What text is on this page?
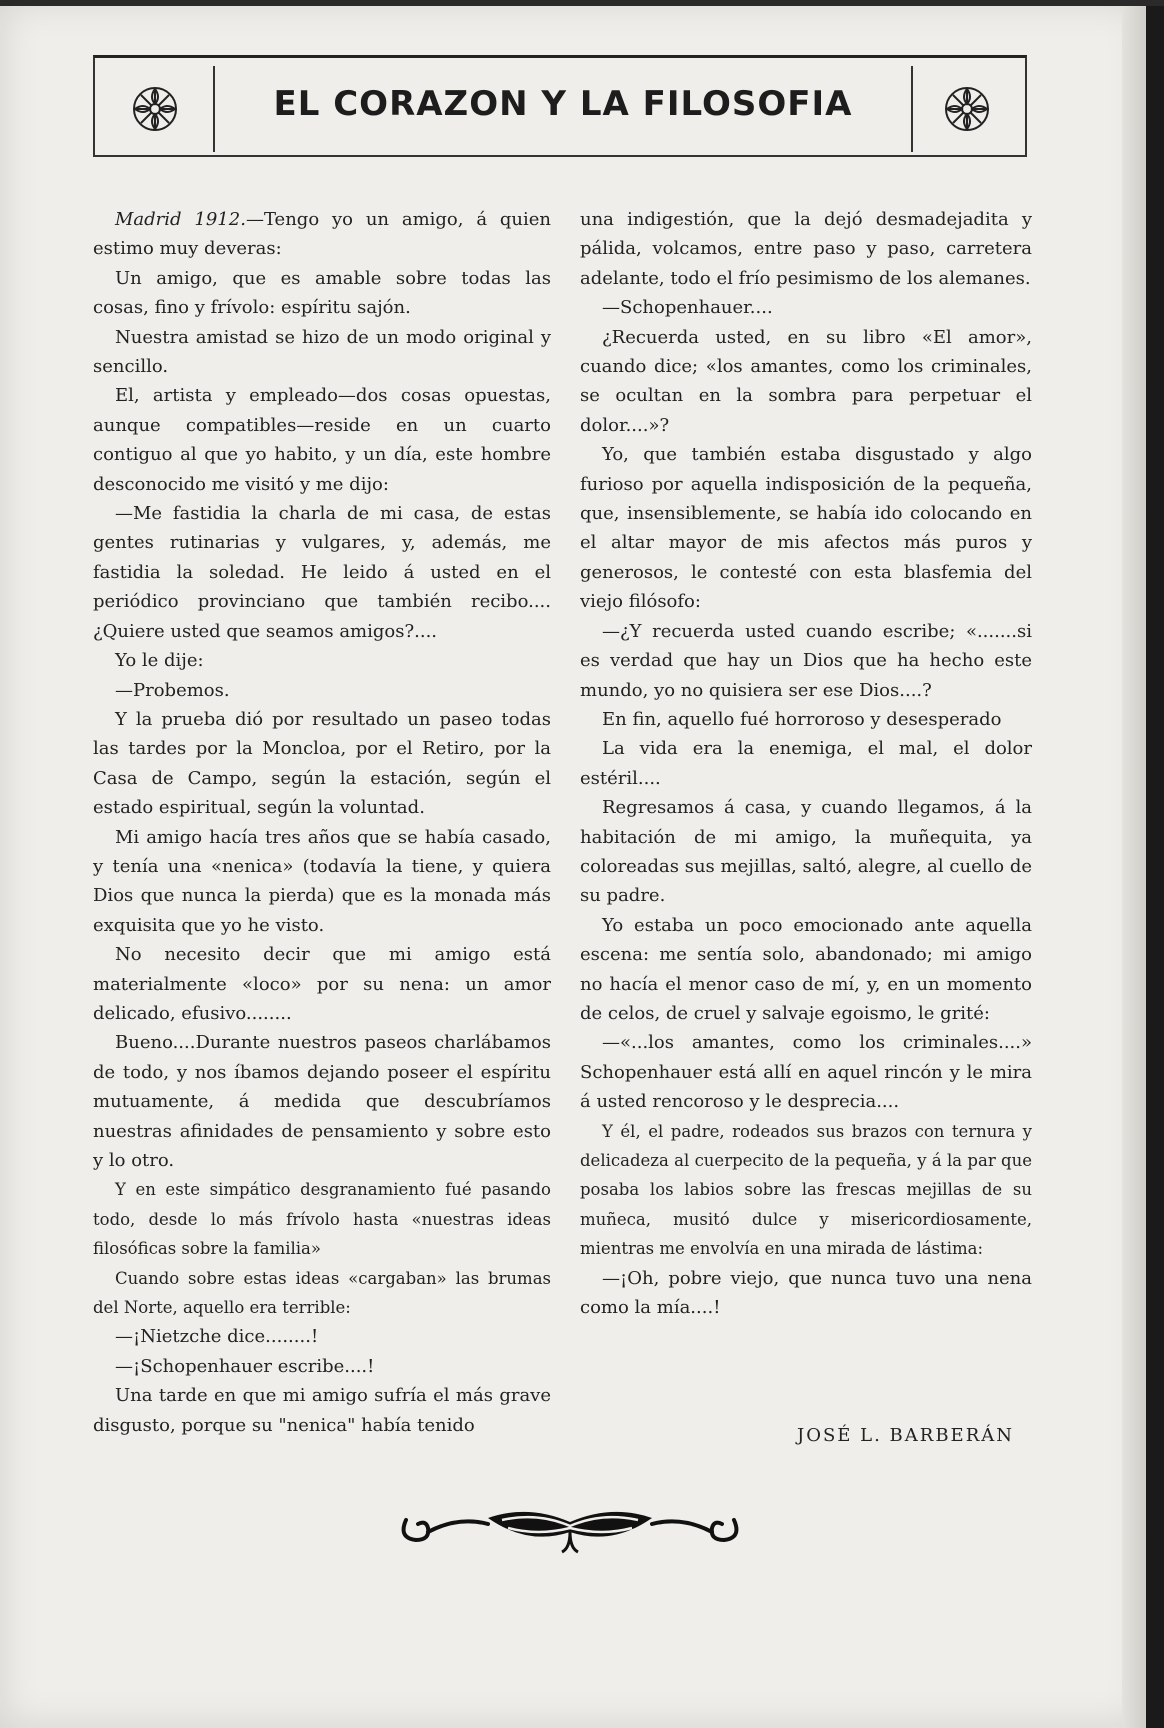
EL CORAZON Y LA FILOSOFIA

Madrid 1912.—Tengo yo un amigo, á quien estimo muy deveras:

Un amigo, que es amable sobre todas las cosas, fino y frívolo: espíritu sajón.

Nuestra amistad se hizo de un modo original y sencillo.

El, artista y empleado—dos cosas opuestas, aunque compatibles—reside en un cuarto contiguo al que yo habito, y un día, este hombre desconocido me visitó y me dijo:

—Me fastidia la charla de mi casa, de estas gentes rutinarias y vulgares, y, además, me fastidia la soledad. He leido á usted en el periódico provinciano que también recibo....¿Quiere usted que seamos amigos?....

Yo le dije:

—Probemos.

Y la prueba dió por resultado un paseo todas las tardes por la Moncloa, por el Retiro, por la Casa de Campo, según la estación, según el estado espiritual, según la voluntad.

Mi amigo hacía tres años que se había casado, y tenía una «nenica» (todavía la tiene, y quiera Dios que nunca la pierda) que es la monada más exquisita que yo he visto.

No necesito decir que mi amigo está materialmente «loco» por su nena: un amor delicado, efusivo........

Bueno....Durante nuestros paseos charlábamos de todo, y nos íbamos dejando poseer el espíritu mutuamente, á medida que descubríamos nuestras afinidades de pensamiento y sobre esto y lo otro.

Y en este simpático desgranamiento fué pasando todo, desde lo más frívolo hasta «nuestras ideas filosóficas sobre la familia»

Cuando sobre estas ideas «cargaban» las brumas del Norte, aquello era terrible:

—¡Nietzche dice........!

—¡Schopenhauer escribe....!

Una tarde en que mi amigo sufría el más grave disgusto, porque su "nenica" había tenido

una indigestión, que la dejó desmadejadita y pálida, volcamos, entre paso y paso, carretera adelante, todo el frío pesimismo de los alemanes.

—Schopenhauer....

¿Recuerda usted, en su libro «El amor», cuando dice; «los amantes, como los criminales, se ocultan en la sombra para perpetuar el dolor....»?

Yo, que también estaba disgustado y algo furioso por aquella indisposición de la pequeña, que, insensiblemente, se había ido colocando en el altar mayor de mis afectos más puros y generosos, le contesté con esta blasfemia del viejo filósofo:

—¿Y recuerda usted cuando escribe; «.......si es verdad que hay un Dios que ha hecho este mundo, yo no quisiera ser ese Dios....?

En fin, aquello fué horroroso y desesperado

La vida era la enemiga, el mal, el dolor estéril....

Regresamos á casa, y cuando llegamos, á la habitación de mi amigo, la muñequita, ya coloreadas sus mejillas, saltó, alegre, al cuello de su padre.

Yo estaba un poco emocionado ante aquella escena: me sentía solo, abandonado; mi amigo no hacía el menor caso de mí, y, en un momento de celos, de cruel y salvaje egoismo, le grité:

—«...los amantes, como los criminales....» Schopenhauer está allí en aquel rincón y le mira á usted rencoroso y le desprecia....

Y él, el padre, rodeados sus brazos con ternura y delicadeza al cuerpecito de la pequeña, y á la par que posaba los labios sobre las frescas mejillas de su muñeca, musitó dulce y misericordiosamente, mientras me envolvía en una mirada de lástima:

—¡Oh, pobre viejo, que nunca tuvo una nena como la mía....!

JOSÉ L. BARBERÁN
